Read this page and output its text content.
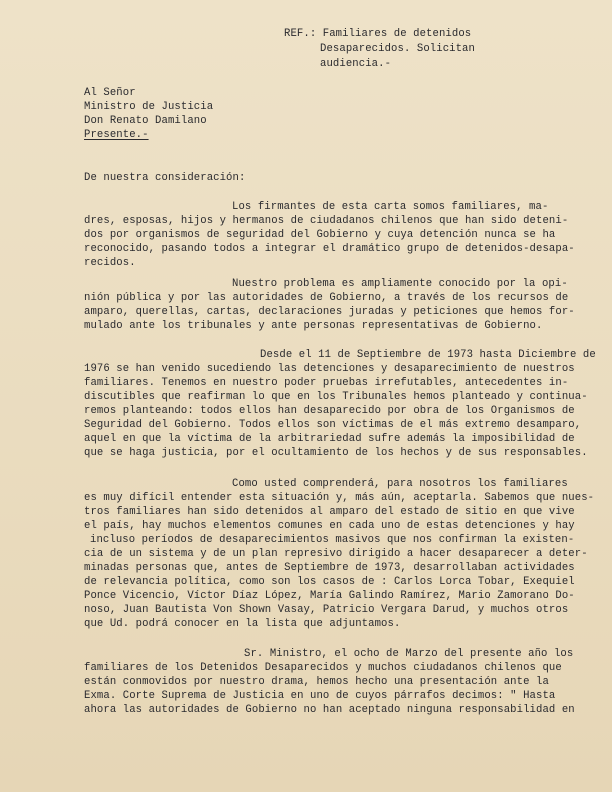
REF.: Familiares de detenidos
Desaparecidos. Solicitan
audiencia.-
Al Señor
Ministro de Justicia
Don Renato Damilano
Presente.-
De nuestra consideración:
Los firmantes de esta carta somos familiares, ma-
dres, esposas, hijos y hermanos de ciudadanos chilenos que han sido deteni-
dos por organismos de seguridad del Gobierno y cuya detención nunca se ha
reconocido, pasando todos a integrar el dramático grupo de detenidos-desapa-
recidos.
Nuestro problema es ampliamente conocido por la opi-
nión pública y por las autoridades de Gobierno, a través de los recursos de
amparo, querellas, cartas, declaraciones juradas y peticiones que hemos for-
mulado ante los tribunales y ante personas representativas de Gobierno.
Desde el 11 de Septiembre de 1973 hasta Diciembre de
1976 se han venido sucediendo las detenciones y desaparecimiento de nuestros
familiares. Tenemos en nuestro poder pruebas irrefutables, antecedentes in-
discutibles que reafirman lo que en los Tribunales hemos planteado y continua-
remos planteando: todos ellos han desaparecido por obra de los Organismos de
Seguridad del Gobierno. Todos ellos son víctimas de el más extremo desamparo,
aquel en que la víctima de la arbitrariedad sufre además la imposibilidad de
que se haga justicia, por el ocultamiento de los hechos y de sus responsables.
Como usted comprenderá, para nosotros los familiares
es muy difícil entender esta situación y, más aún, aceptarla. Sabemos que nues-
tros familiares han sido detenidos al amparo del estado de sitio en que vive
el país, hay muchos elementos comunes en cada uno de estas detenciones y hay
incluso períodos de desaparecimientos masivos que nos confirman la existen-
cia de un sistema y de un plan represivo dirigido a hacer desaparecer a deter-
minadas personas que, antes de Septiembre de 1973, desarrollaban actividades
de relevancia política, como son los casos de : Carlos Lorca Tobar, Exequiel
Ponce Vicencio, Víctor Díaz López, María Galindo Ramírez, Mario Zamorano Do-
noso, Juan Bautista Von Shown Vasay, Patricio Vergara Darud, y muchos otros
que Ud. podrá conocer en la lista que adjuntamos.
Sr. Ministro, el ocho de Marzo del presente año los
familiares de los Detenidos Desaparecidos y muchos ciudadanos chilenos que
están conmovidos por nuestro drama, hemos hecho una presentación ante la
Exma. Corte Suprema de Justicia en uno de cuyos párrafos decimos: " Hasta
ahora las autoridades de Gobierno no han aceptado ninguna responsabilidad en
